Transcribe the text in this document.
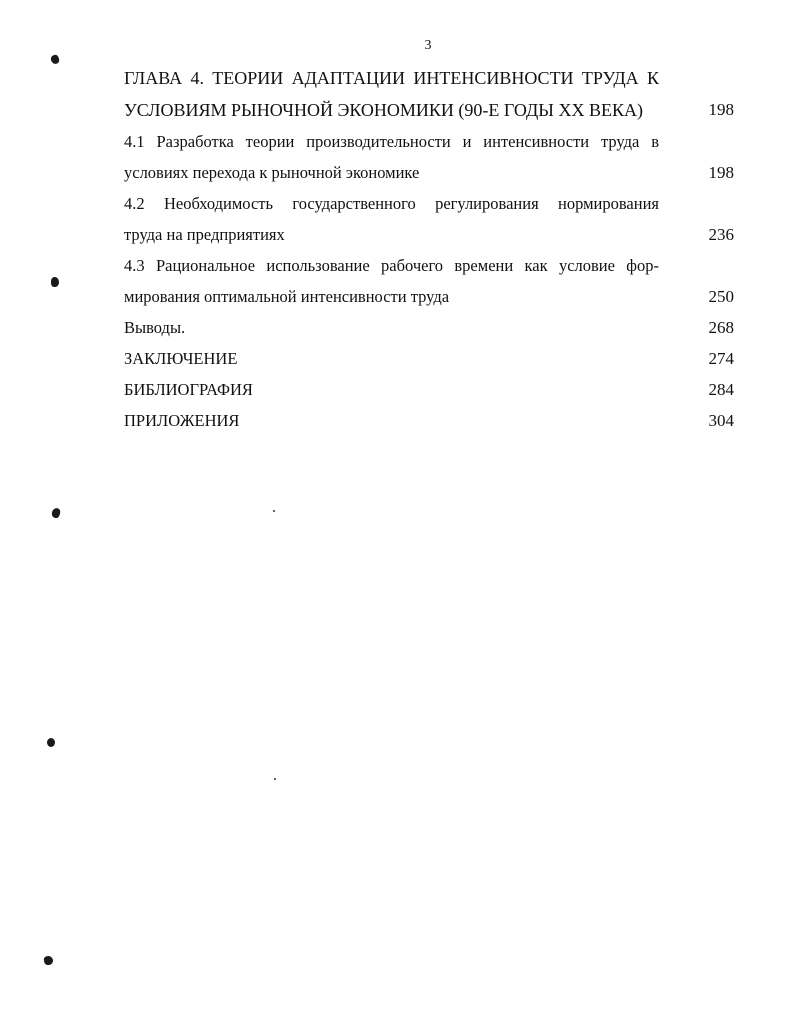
3
ГЛАВА 4. ТЕОРИИ АДАПТАЦИИ ИНТЕНСИВНОСТИ ТРУДА К
УСЛОВИЯМ РЫНОЧНОЙ ЭКОНОМИКИ (90-Е ГОДЫ XX ВЕКА)	198
4.1 Разработка теории производительности и интенсивности труда в
условиях перехода к рыночной экономике	198
4.2 Необходимость государственного регулирования нормирования
труда на предприятиях	236
4.3 Рациональное использование рабочего времени как условие фор-
мирования оптимальной интенсивности труда	250
Выводы.	268
ЗАКЛЮЧЕНИЕ	274
БИБЛИОГРАФИЯ	284
ПРИЛОЖЕНИЯ	304
